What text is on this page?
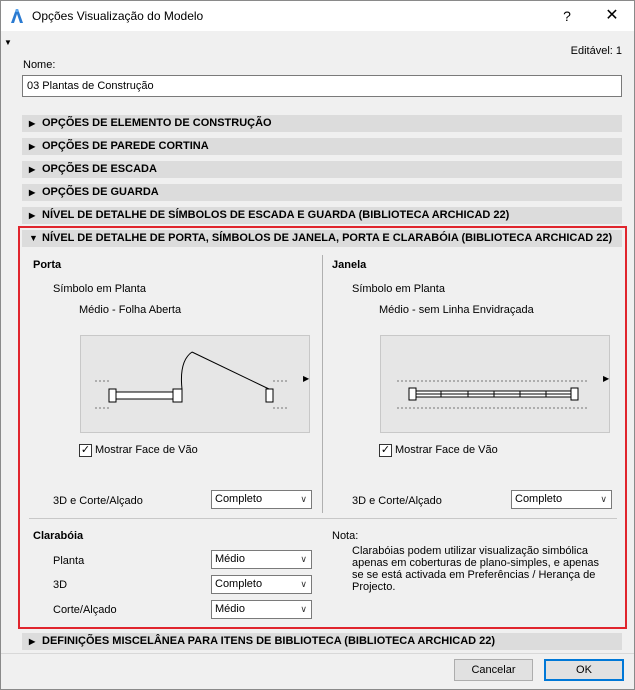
Opções Visualização do Modelo	?	✕
▼
Editável: 1
Nome:
03 Plantas de Construção
▶ OPÇÕES DE ELEMENTO DE CONSTRUÇÃO
▶ OPÇÕES DE PAREDE CORTINA
▶ OPÇÕES DE ESCADA
▶ OPÇÕES DE GUARDA
▶ NÍVEL DE DETALHE DE SÍMBOLOS DE ESCADA E GUARDA (BIBLIOTECA ARCHICAD 22)
▼ NÍVEL DE DETALHE DE PORTA, SÍMBOLOS DE JANELA, PORTA E CLARABÓIA (BIBLIOTECA ARCHICAD 22)
Porta
Símbolo em Planta
Médio - Folha Aberta
▶
✓ Mostrar Face de Vão
3D e Corte/Alçado	Completo	∨
Janela
Símbolo em Planta
Médio - sem Linha Envidraçada
▶
✓ Mostrar Face de Vão
3D e Corte/Alçado	Completo	∨
Clarabóia
Planta	Médio	∨
3D	Completo	∨
Corte/Alçado	Médio	∨
Nota:
Clarabóias podem utilizar visualização simbólica apenas em coberturas de plano-simples, e apenas se se está activada em Preferências / Herança de Projecto.
▶ DEFINIÇÕES MISCELÂNEA PARA ITENS DE BIBLIOTECA (BIBLIOTECA ARCHICAD 22)
Cancelar	OK
